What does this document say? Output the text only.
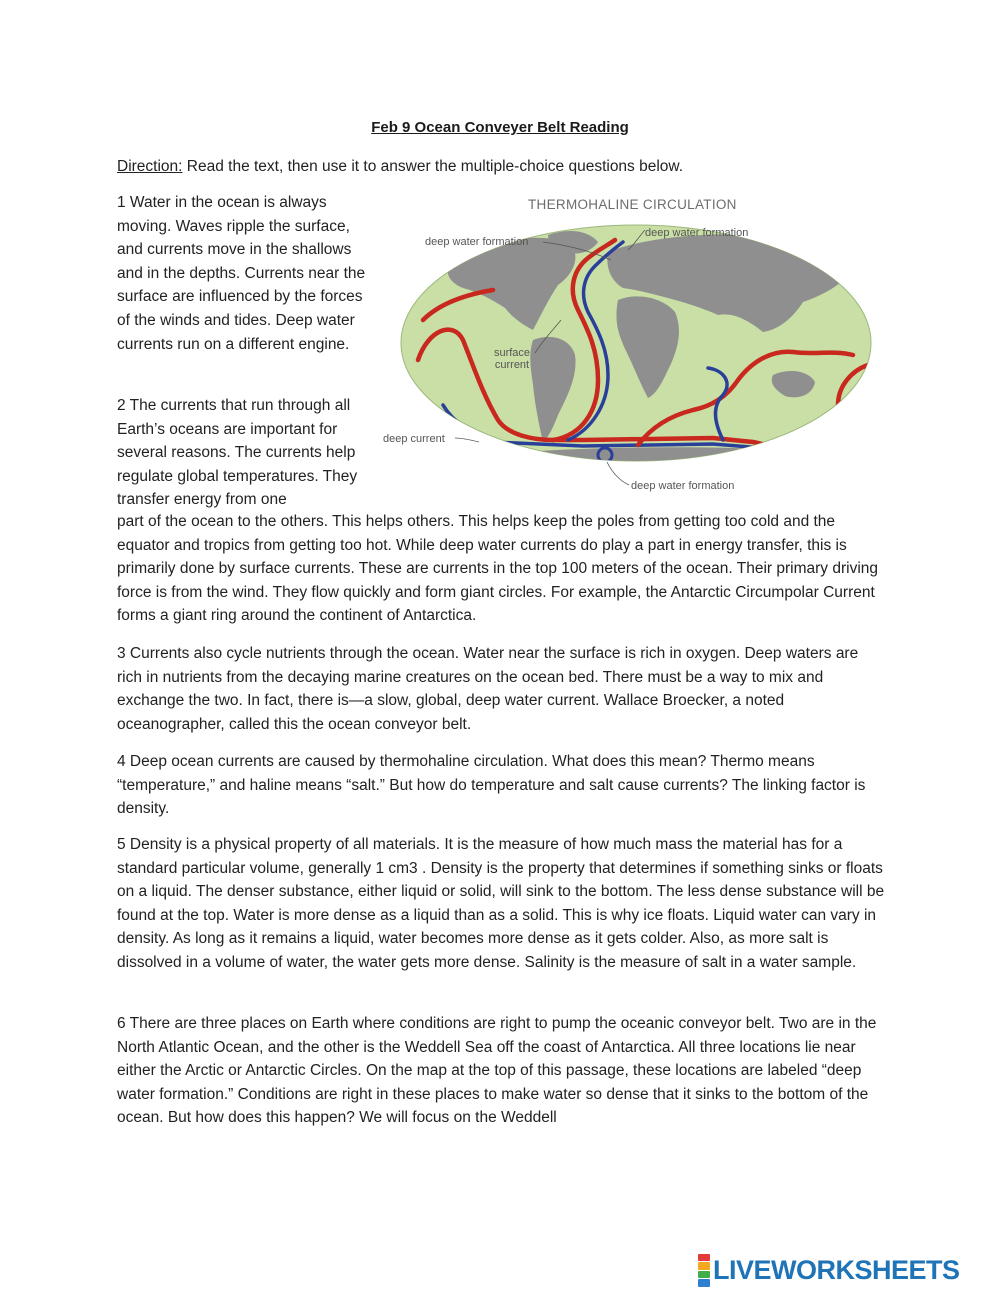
Feb 9 Ocean Conveyer Belt Reading
Direction: Read the text, then use it to answer the multiple-choice questions below.

1 Water in the ocean is always moving. Waves ripple the surface, and currents move in the shallows and in the depths. Currents near the surface are influenced by the forces of the winds and tides. Deep water currents run on a different engine.

2 The currents that run through all Earth’s oceans are important for several reasons. The currents help regulate global temperatures. They transfer energy from one

part of the ocean to the others. This helps others. This helps keep the poles from getting too cold and the equator and tropics from getting too hot. While deep water currents do play a part in energy transfer, this is primarily done by surface currents. These are currents in the top 100 meters of the ocean. Their primary driving force is from the wind. They flow quickly and form giant circles. For example, the Antarctic Circumpolar Current forms a giant ring around the continent of Antarctica.

THERMOHALINE CIRCULATION
deep water formation
deep water formation
surface current
deep current
deep water formation

3 Currents also cycle nutrients through the ocean. Water near the surface is rich in oxygen. Deep waters are rich in nutrients from the decaying marine creatures on the ocean bed. There must be a way to mix and exchange the two. In fact, there is—a slow, global, deep water current. Wallace Broecker, a noted oceanographer, called this the ocean conveyor belt.

4 Deep ocean currents are caused by thermohaline circulation. What does this mean? Thermo means “temperature,” and haline means “salt.” But how do temperature and salt cause currents? The linking factor is density.

5 Density is a physical property of all materials. It is the measure of how much mass the material has for a standard particular volume, generally 1 cm3 . Density is the property that determines if something sinks or floats on a liquid. The denser substance, either liquid or solid, will sink to the bottom. The less dense substance will be found at the top. Water is more dense as a liquid than as a solid. This is why ice floats. Liquid water can vary in density. As long as it remains a liquid, water becomes more dense as it gets colder. Also, as more salt is dissolved in a volume of water, the water gets more dense. Salinity is the measure of salt in a water sample.

6 There are three places on Earth where conditions are right to pump the oceanic conveyor belt. Two are in the North Atlantic Ocean, and the other is the Weddell Sea off the coast of Antarctica. All three locations lie near either the Arctic or Antarctic Circles. On the map at the top of this passage, these locations are labeled “deep water formation.” Conditions are right in these places to make water so dense that it sinks to the bottom of the ocean. But how does this happen? We will focus on the Weddell

LIVEWORKSHEETS
